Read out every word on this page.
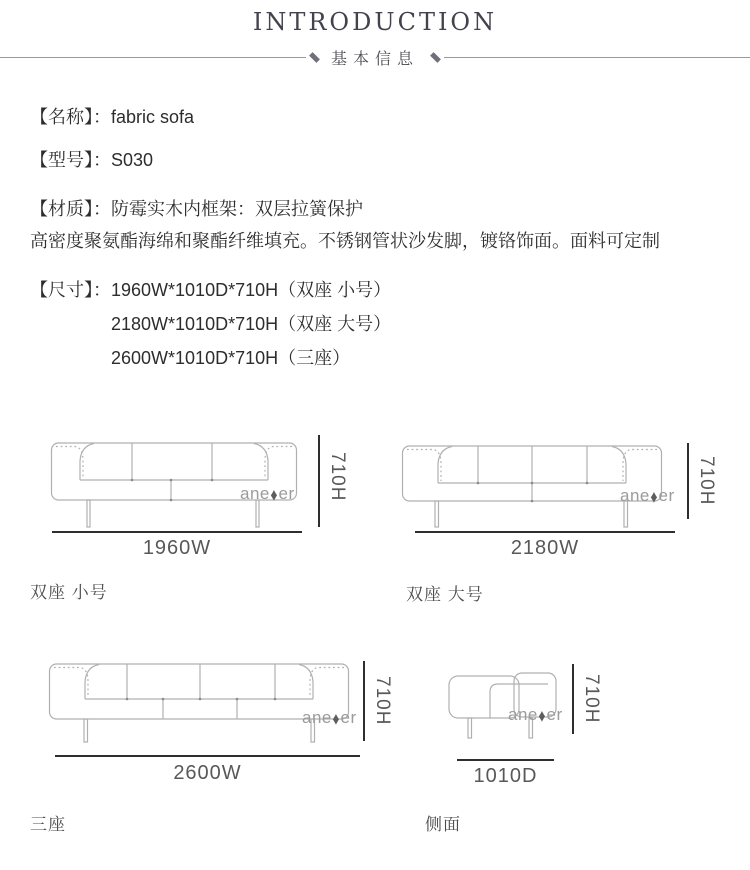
INTRODUCTION
基本信息
【名称】： fabric sofa
【型号】： S030
【材质】： 防霉实木内框架：双层拉簧保护
高密度聚氨酯海绵和聚酯纤维填充。不锈钢管状沙发脚，镀铬饰面。面料可定制
【尺寸】： 1960W*1010D*710H（双座 小号）
2180W*1010D*710H（双座 大号）
2600W*1010D*710H（三座）
ane ♦ er 710H
1960W
双座 小号
ane ♦ er 710H
2180W
双座 大号
ane ♦ er 710H
2600W
三座
ane ♦ er 710H
1010D
侧面
